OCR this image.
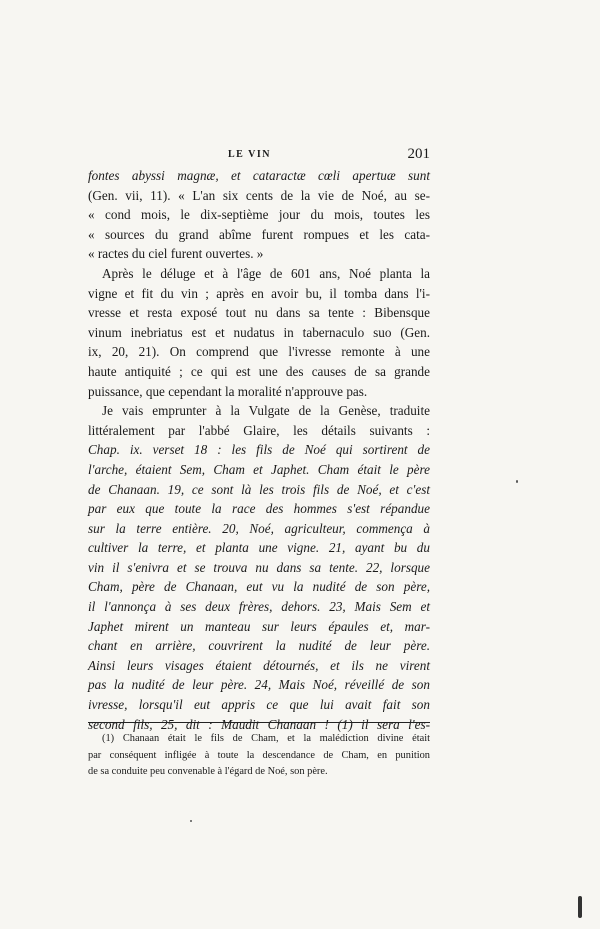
LE VIN	201
fontes abyssi magnæ, et cataractæ cœli apertuæ sunt
(Gen. vii, 11). « L'an six cents de la vie de Noé, au se-
« cond mois, le dix-septième jour du mois, toutes les
« sources du grand abîme furent rompues et les cata-
« ractes du ciel furent ouvertes. »
Après le déluge et à l'âge de 601 ans, Noé planta la
vigne et fit du vin ; après en avoir bu, il tomba dans l'i-
vresse et resta exposé tout nu dans sa tente : Bibensque
vinum inebriatus est et nudatus in tabernaculo suo (Gen.
ix, 20, 21). On comprend que l'ivresse remonte à une
haute antiquité ; ce qui est une des causes de sa grande
puissance, que cependant la moralité n'approuve pas.
Je vais emprunter à la Vulgate de la Genèse, traduite
littéralement par l'abbé Glaire, les détails suivants :
Chap. ix. verset 18 : les fils de Noé qui sortirent de
l'arche, étaient Sem, Cham et Japhet. Cham était le père
de Chanaan. 19, ce sont là les trois fils de Noé, et c'est
par eux que toute la race des hommes s'est répandue
sur la terre entière. 20, Noé, agriculteur, commença à
cultiver la terre, et planta une vigne. 21, ayant bu du
vin il s'enivra et se trouva nu dans sa tente. 22, lorsque
Cham, père de Chanaan, eut vu la nudité de son père,
il l'annonça à ses deux frères, dehors. 23, Mais Sem et
Japhet mirent un manteau sur leurs épaules et, mar-
chant en arrière, couvrirent la nudité de leur père.
Ainsi leurs visages étaient détournés, et ils ne virent
pas la nudité de leur père. 24, Mais Noé, réveillé de son
ivresse, lorsqu'il eut appris ce que lui avait fait son
second fils, 25, dit : Maudit Chanaan ! (1) il sera l'es-
(1) Chanaan était le fils de Cham, et la malédiction divine était
par conséquent infligée à toute la descendance de Cham, en punition
de sa conduite peu convenable à l'égard de Noé, son père.
